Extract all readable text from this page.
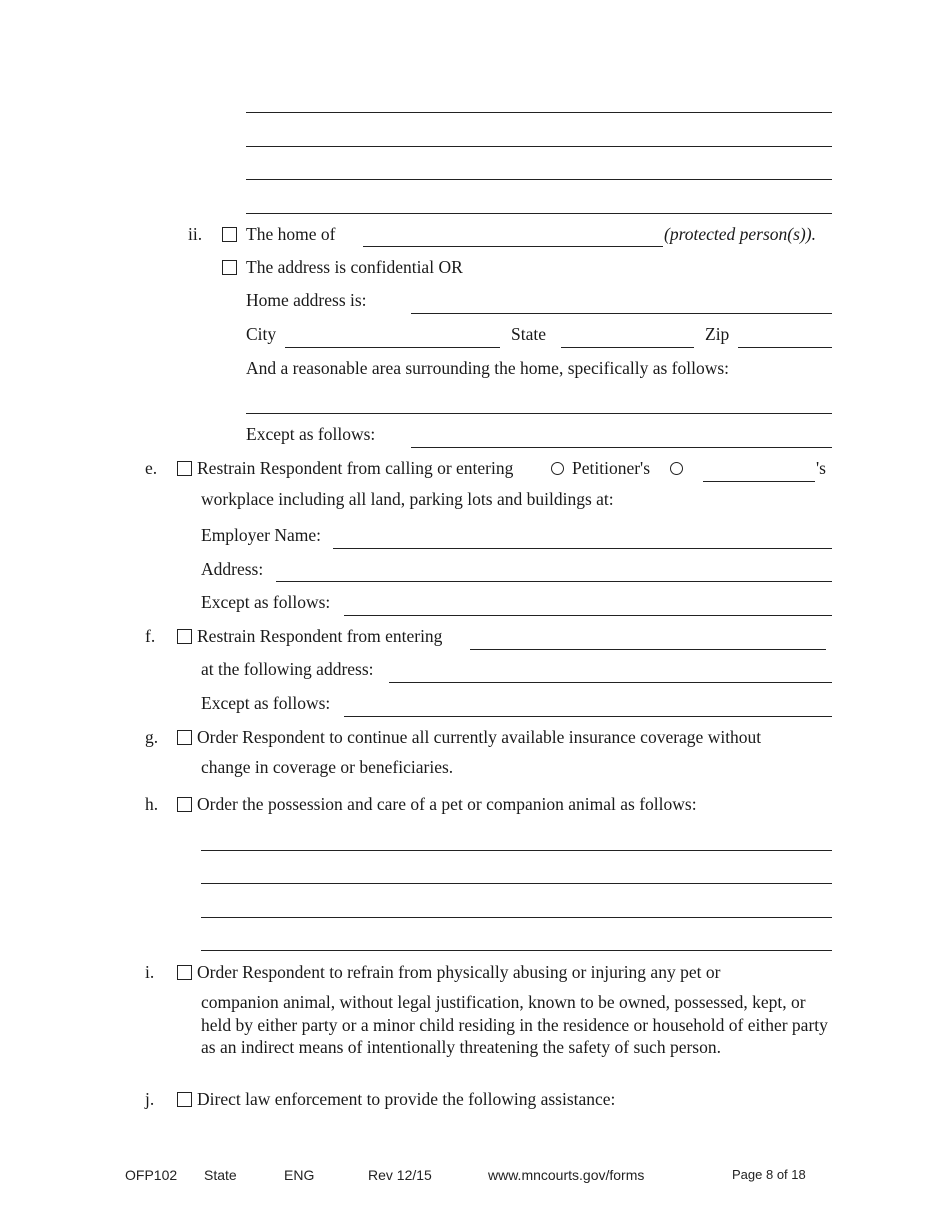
ii.	The home of	(protected person(s)).
The address is confidential OR
Home address is:
City	State	Zip
And a reasonable area surrounding the home, specifically as follows:
Except as follows:
e. Restrain Respondent from calling or entering	Petitioner's	's
workplace including all land, parking lots and buildings at:
Employer Name:
Address:
Except as follows:
f. Restrain Respondent from entering
at the following address:
Except as follows:
g. Order Respondent to continue all currently available insurance coverage without
change in coverage or beneficiaries.
h. Order the possession and care of a pet or companion animal as follows:
i. Order Respondent to refrain from physically abusing or injuring any pet or
companion animal, without legal justification, known to be owned, possessed, kept, or held by either party or a minor child residing in the residence or household of either party as an indirect means of intentionally threatening the safety of such person.
j. Direct law enforcement to provide the following assistance:
OFP102 State	ENG	Rev 12/15	www.mncourts.gov/forms	Page 8 of 18
